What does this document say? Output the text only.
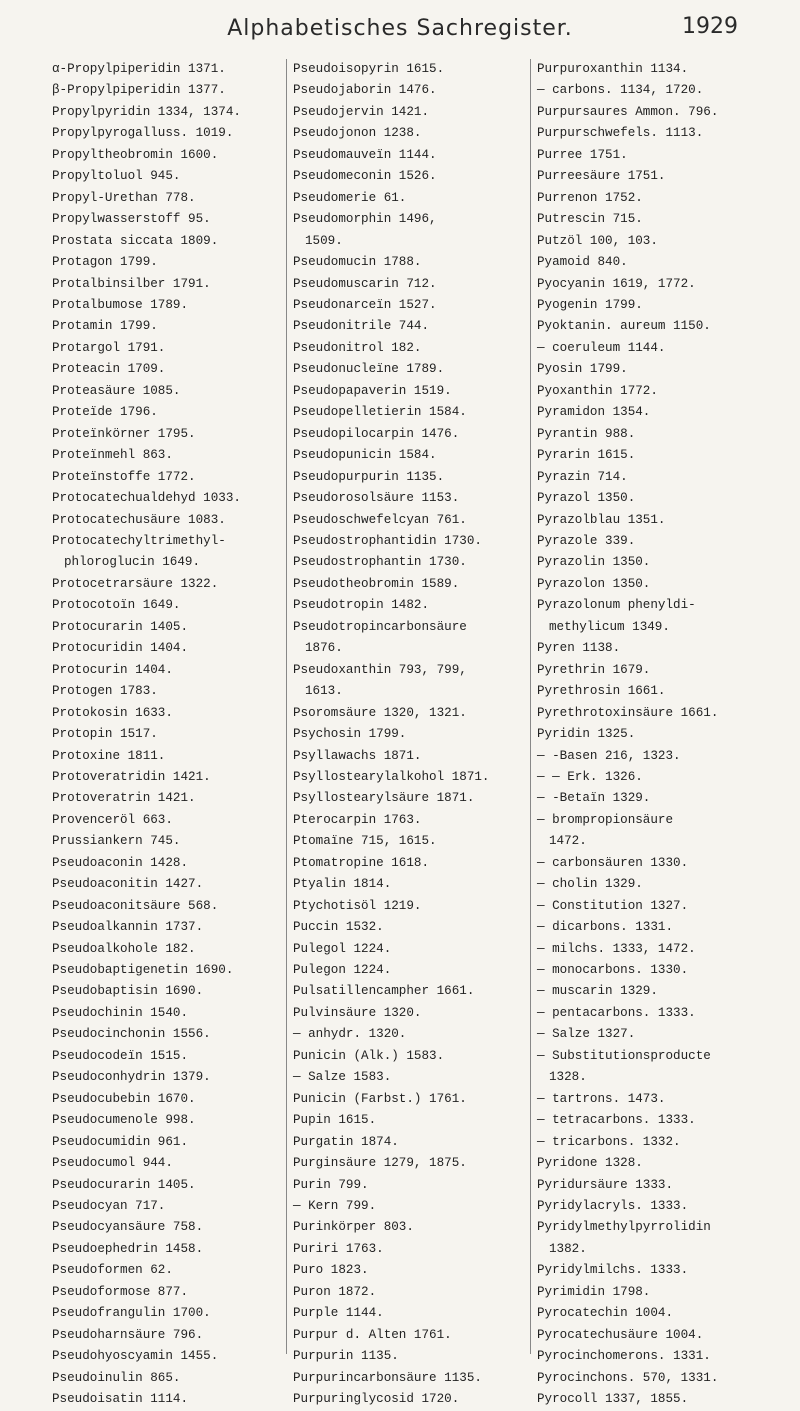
Alphabetisches Sachregister.	1929
α-Propylpiperidin 1371.
β-Propylpiperidin 1377.
Propylpyridin 1334, 1374.
Propylpyrogalluss. 1019.
Propyltheobromin 1600.
Propyltoluol 945.
Propyl-Urethan 778.
Propylwasserstoff 95.
Prostata siccata 1809.
Protagon 1799.
Protalbinsilber 1791.
Protalbumose 1789.
Protamin 1799.
Protargol 1791.
Proteacin 1709.
Proteasäure 1085.
Proteïde 1796.
Proteïnkörner 1795.
Proteïnmehl 863.
Proteïnstoffe 1772.
Protocatechualdehyd 1033.
Protocatechusäure 1083.
Protocatechyltrimethyl-
phloroglucin 1649.
Protocetrarsäure 1322.
Protocotoïn 1649.
Protocurarin 1405.
Protocuridin 1404.
Protocurin 1404.
Protogen 1783.
Protokosin 1633.
Protopin 1517.
Protoxine 1811.
Protoveratridin 1421.
Protoveratrin 1421.
Provenceröl 663.
Prussiankern 745.
Pseudoaconin 1428.
Pseudoaconitin 1427.
Pseudoaconitsäure 568.
Pseudoalkannin 1737.
Pseudoalkohole 182.
Pseudobaptigenetin 1690.
Pseudobaptisin 1690.
Pseudochinin 1540.
Pseudocinchonin 1556.
Pseudocodeïn 1515.
Pseudoconhydrin 1379.
Pseudocubebin 1670.
Pseudocumenole 998.
Pseudocumidin 961.
Pseudocumol 944.
Pseudocurarin 1405.
Pseudocyan 717.
Pseudocyansäure 758.
Pseudoephedrin 1458.
Pseudoformen 62.
Pseudoformose 877.
Pseudofrangulin 1700.
Pseudoharnsäure 796.
Pseudohyoscyamin 1455.
Pseudoinulin 865.
Pseudoisatin 1114.
Pseudoisopyrin 1615.
Pseudojaborin 1476.
Pseudojervin 1421.
Pseudojonon 1238.
Pseudomauveïn 1144.
Pseudomeconin 1526.
Pseudomerie 61.
Pseudomorphin 1496,
1509.
Pseudomucin 1788.
Pseudomuscarin 712.
Pseudonarceïn 1527.
Pseudonitrile 744.
Pseudonitrol 182.
Pseudonucleïne 1789.
Pseudopapaverin 1519.
Pseudopelletierin 1584.
Pseudopilocarpin 1476.
Pseudopunicin 1584.
Pseudopurpurin 1135.
Pseudorosolsäure 1153.
Pseudoschwefelcyan 761.
Pseudostrophantidin 1730.
Pseudostrophantin 1730.
Pseudotheobromin 1589.
Pseudotropin 1482.
Pseudotropincarbonsäure
1876.
Pseudoxanthin 793, 799,
1613.
Psoromsäure 1320, 1321.
Psychosin 1799.
Psyllawachs 1871.
Psyllostearylalkohol 1871.
Psyllostearylsäure 1871.
Pterocarpin 1763.
Ptomaïne 715, 1615.
Ptomatropine 1618.
Ptyalin 1814.
Ptychotisöl 1219.
Puccin 1532.
Pulegol 1224.
Pulegon 1224.
Pulsatillencampher 1661.
Pulvinsäure 1320.
— anhydr. 1320.
Punicin (Alk.) 1583.
— Salze 1583.
Punicin (Farbst.) 1761.
Pupin 1615.
Purgatin 1874.
Purginsäure 1279, 1875.
Purin 799.
— Kern 799.
Purinkörper 803.
Puriri 1763.
Puro 1823.
Puron 1872.
Purple 1144.
Purpur d. Alten 1761.
Purpurin 1135.
Purpurincarbonsäure 1135.
Purpuringlycosid 1720.
Purpuroxanthin 1134.
— carbons. 1134, 1720.
Purpursaures Ammon. 796.
Purpurschwefels. 1113.
Purree 1751.
Purreesäure 1751.
Purrenon 1752.
Putrescin 715.
Putzöl 100, 103.
Pyamoid 840.
Pyocyanin 1619, 1772.
Pyogenin 1799.
Pyoktanin. aureum 1150.
— coeruleum 1144.
Pyosin 1799.
Pyoxanthin 1772.
Pyramidon 1354.
Pyrantin 988.
Pyrarin 1615.
Pyrazin 714.
Pyrazol 1350.
Pyrazolblau 1351.
Pyrazole 339.
Pyrazolin 1350.
Pyrazolon 1350.
Pyrazolonum phenyldi-
methylicum 1349.
Pyren 1138.
Pyrethrin 1679.
Pyrethrosin 1661.
Pyrethrotoxinsäure 1661.
Pyridin 1325.
— -Basen 216, 1323.
— — Erk. 1326.
— -Betaïn 1329.
— brompropionsäure
1472.
— carbonsäuren 1330.
— cholin 1329.
— Constitution 1327.
— dicarbons. 1331.
— milchs. 1333, 1472.
— monocarbons. 1330.
— muscarin 1329.
— pentacarbons. 1333.
— Salze 1327.
— Substitutionsproducte
1328.
— tartrons. 1473.
— tetracarbons. 1333.
— tricarbons. 1332.
Pyridone 1328.
Pyridursäure 1333.
Pyridylacryls. 1333.
Pyridylmethylpyrrolidin
1382.
Pyridylmilchs. 1333.
Pyrimidin 1798.
Pyrocatechin 1004.
Pyrocatechusäure 1004.
Pyrocinchomerons. 1331.
Pyrocinchons. 570, 1331.
Pyrocoll 1337, 1855.
